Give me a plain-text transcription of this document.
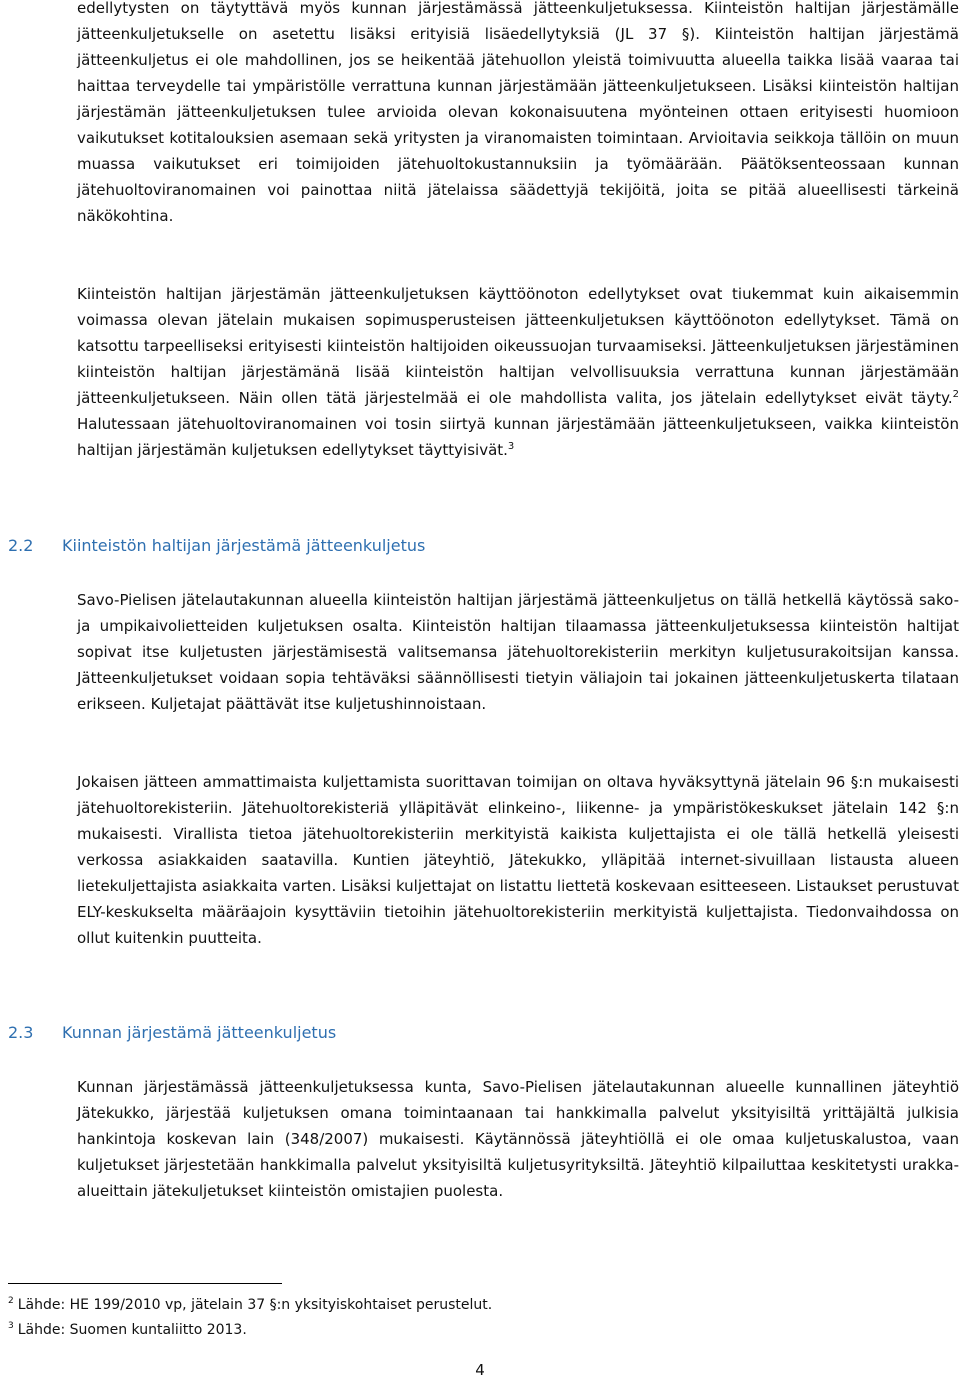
edellytysten on täytyttävä myös kunnan järjestämässä jätteenkuljetuksessa. Kiinteistön haltijan järjestämälle jätteenkuljetukselle on asetettu lisäksi erityisiä lisäedellytyksiä (JL 37 §). Kiinteistön haltijan järjestämä jätteenkuljetus ei ole mahdollinen, jos se heikentää jätehuollon yleistä toimivuutta alueella taikka lisää vaaraa tai haittaa terveydelle tai ympäristölle verrattuna kunnan järjestämään jätteenkuljetukseen. Lisäksi kiinteistön haltijan järjestämän jätteenkuljetuksen tulee arvioida olevan kokonaisuutena myönteinen ottaen erityisesti huomioon vaikutukset kotitalouksien asemaan sekä yritysten ja viranomaisten toimintaan. Arvioitavia seikkoja tällöin on muun muassa vaikutukset eri toimijoiden jätehuoltokustannuksiin ja työmäärään. Päätöksenteossaan kunnan jätehuoltoviranomainen voi painottaa niitä jätelaissa säädettyjä tekijöitä, joita se pitää alueellisesti tärkeinä näkökohtina.

Kiinteistön haltijan järjestämän jätteenkuljetuksen käyttöönoton edellytykset ovat tiukemmat kuin aikaisemmin voimassa olevan jätelain mukaisen sopimusperusteisen jätteenkuljetuksen käyttöönoton edellytykset. Tämä on katsottu tarpeelliseksi erityisesti kiinteistön haltijoiden oikeussuojan turvaamiseksi. Jätteenkuljetuksen järjestäminen kiinteistön haltijan järjestämänä lisää kiinteistön haltijan velvollisuuksia verrattuna kunnan järjestämään jätteenkuljetukseen. Näin ollen tätä järjestelmää ei ole mahdollista valita, jos jätelain edellytykset eivät täyty.$^2$ Halutessaan jätehuoltoviranomainen voi tosin siirtyä kunnan järjestämään jätteenkuljetukseen, vaikka kiinteistön haltijan järjestämän kuljetuksen edellytykset täyttyisivät.$^3$

2.2 Kiinteistön haltijan järjestämä jätteenkuljetus

Savo-Pielisen jätelautakunnan alueella kiinteistön haltijan järjestämä jätteenkuljetus on tällä hetkellä käytössä sako- ja umpikaivolietteiden kuljetuksen osalta. Kiinteistön haltijan tilaamassa jätteenkuljetuksessa kiinteistön haltijat sopivat itse kuljetusten järjestämisestä valitsemansa jätehuoltorekisteriin merkityn kuljetusurakoitsijan kanssa. Jätteenkuljetukset voidaan sopia tehtäväksi säännöllisesti tietyin väliajoin tai jokainen jätteenkuljetuskerta tilataan erikseen. Kuljetajat päättävät itse kuljetushinnoistaan.

Jokaisen jätteen ammattimaista kuljettamista suorittavan toimijan on oltava hyväksyttynä jätelain 96 §:n mukaisesti jätehuoltorekisteriin. Jätehuoltorekisteriä ylläpitävät elinkeino-, liikenne- ja ympäristökeskukset jätelain 142 §:n mukaisesti. Virallista tietoa jätehuoltorekisteriin merkityistä kaikista kuljettajista ei ole tällä hetkellä yleisesti verkossa asiakkaiden saatavilla. Kuntien jäteyhtiö, Jätekukko, ylläpitää internet-sivuillaan listausta alueen lietekuljettajista asiakkaita varten. Lisäksi kuljettajat on listattu liettetä koskevaan esitteeseen. Listaukset perustuvat ELY-keskukselta määräajoin kysyttäviin tietoihin jätehuoltorekisteriin merkityistä kuljettajista. Tiedonvaihdossa on ollut kuitenkin puutteita.

2.3 Kunnan järjestämä jätteenkuljetus

Kunnan järjestämässä jätteenkuljetuksessa kunta, Savo-Pielisen jätelautakunnan alueelle kunnallinen jäteyhtiö Jätekukko, järjestää kuljetuksen omana toimintaanaan tai hankkimalla palvelut yksityisiltä yrittäjältä julkisia hankintoja koskevan lain (348/2007) mukaisesti. Käytännössä jäteyhtiöllä ei ole omaa kuljetuskalustoa, vaan kuljetukset järjestetään hankkimalla palvelut yksityisiltä kuljetusyrityksiltä. Jäteyhtiö kilpailuttaa keskitetysti urakka-alueittain jätekuljetukset kiinteistön omistajien puolesta.

$^2$ Lähde: HE 199/2010 vp, jätelain 37 §:n yksityiskohtaiset perustelut.

$^3$ Lähde: Suomen kuntaliitto 2013.

4
